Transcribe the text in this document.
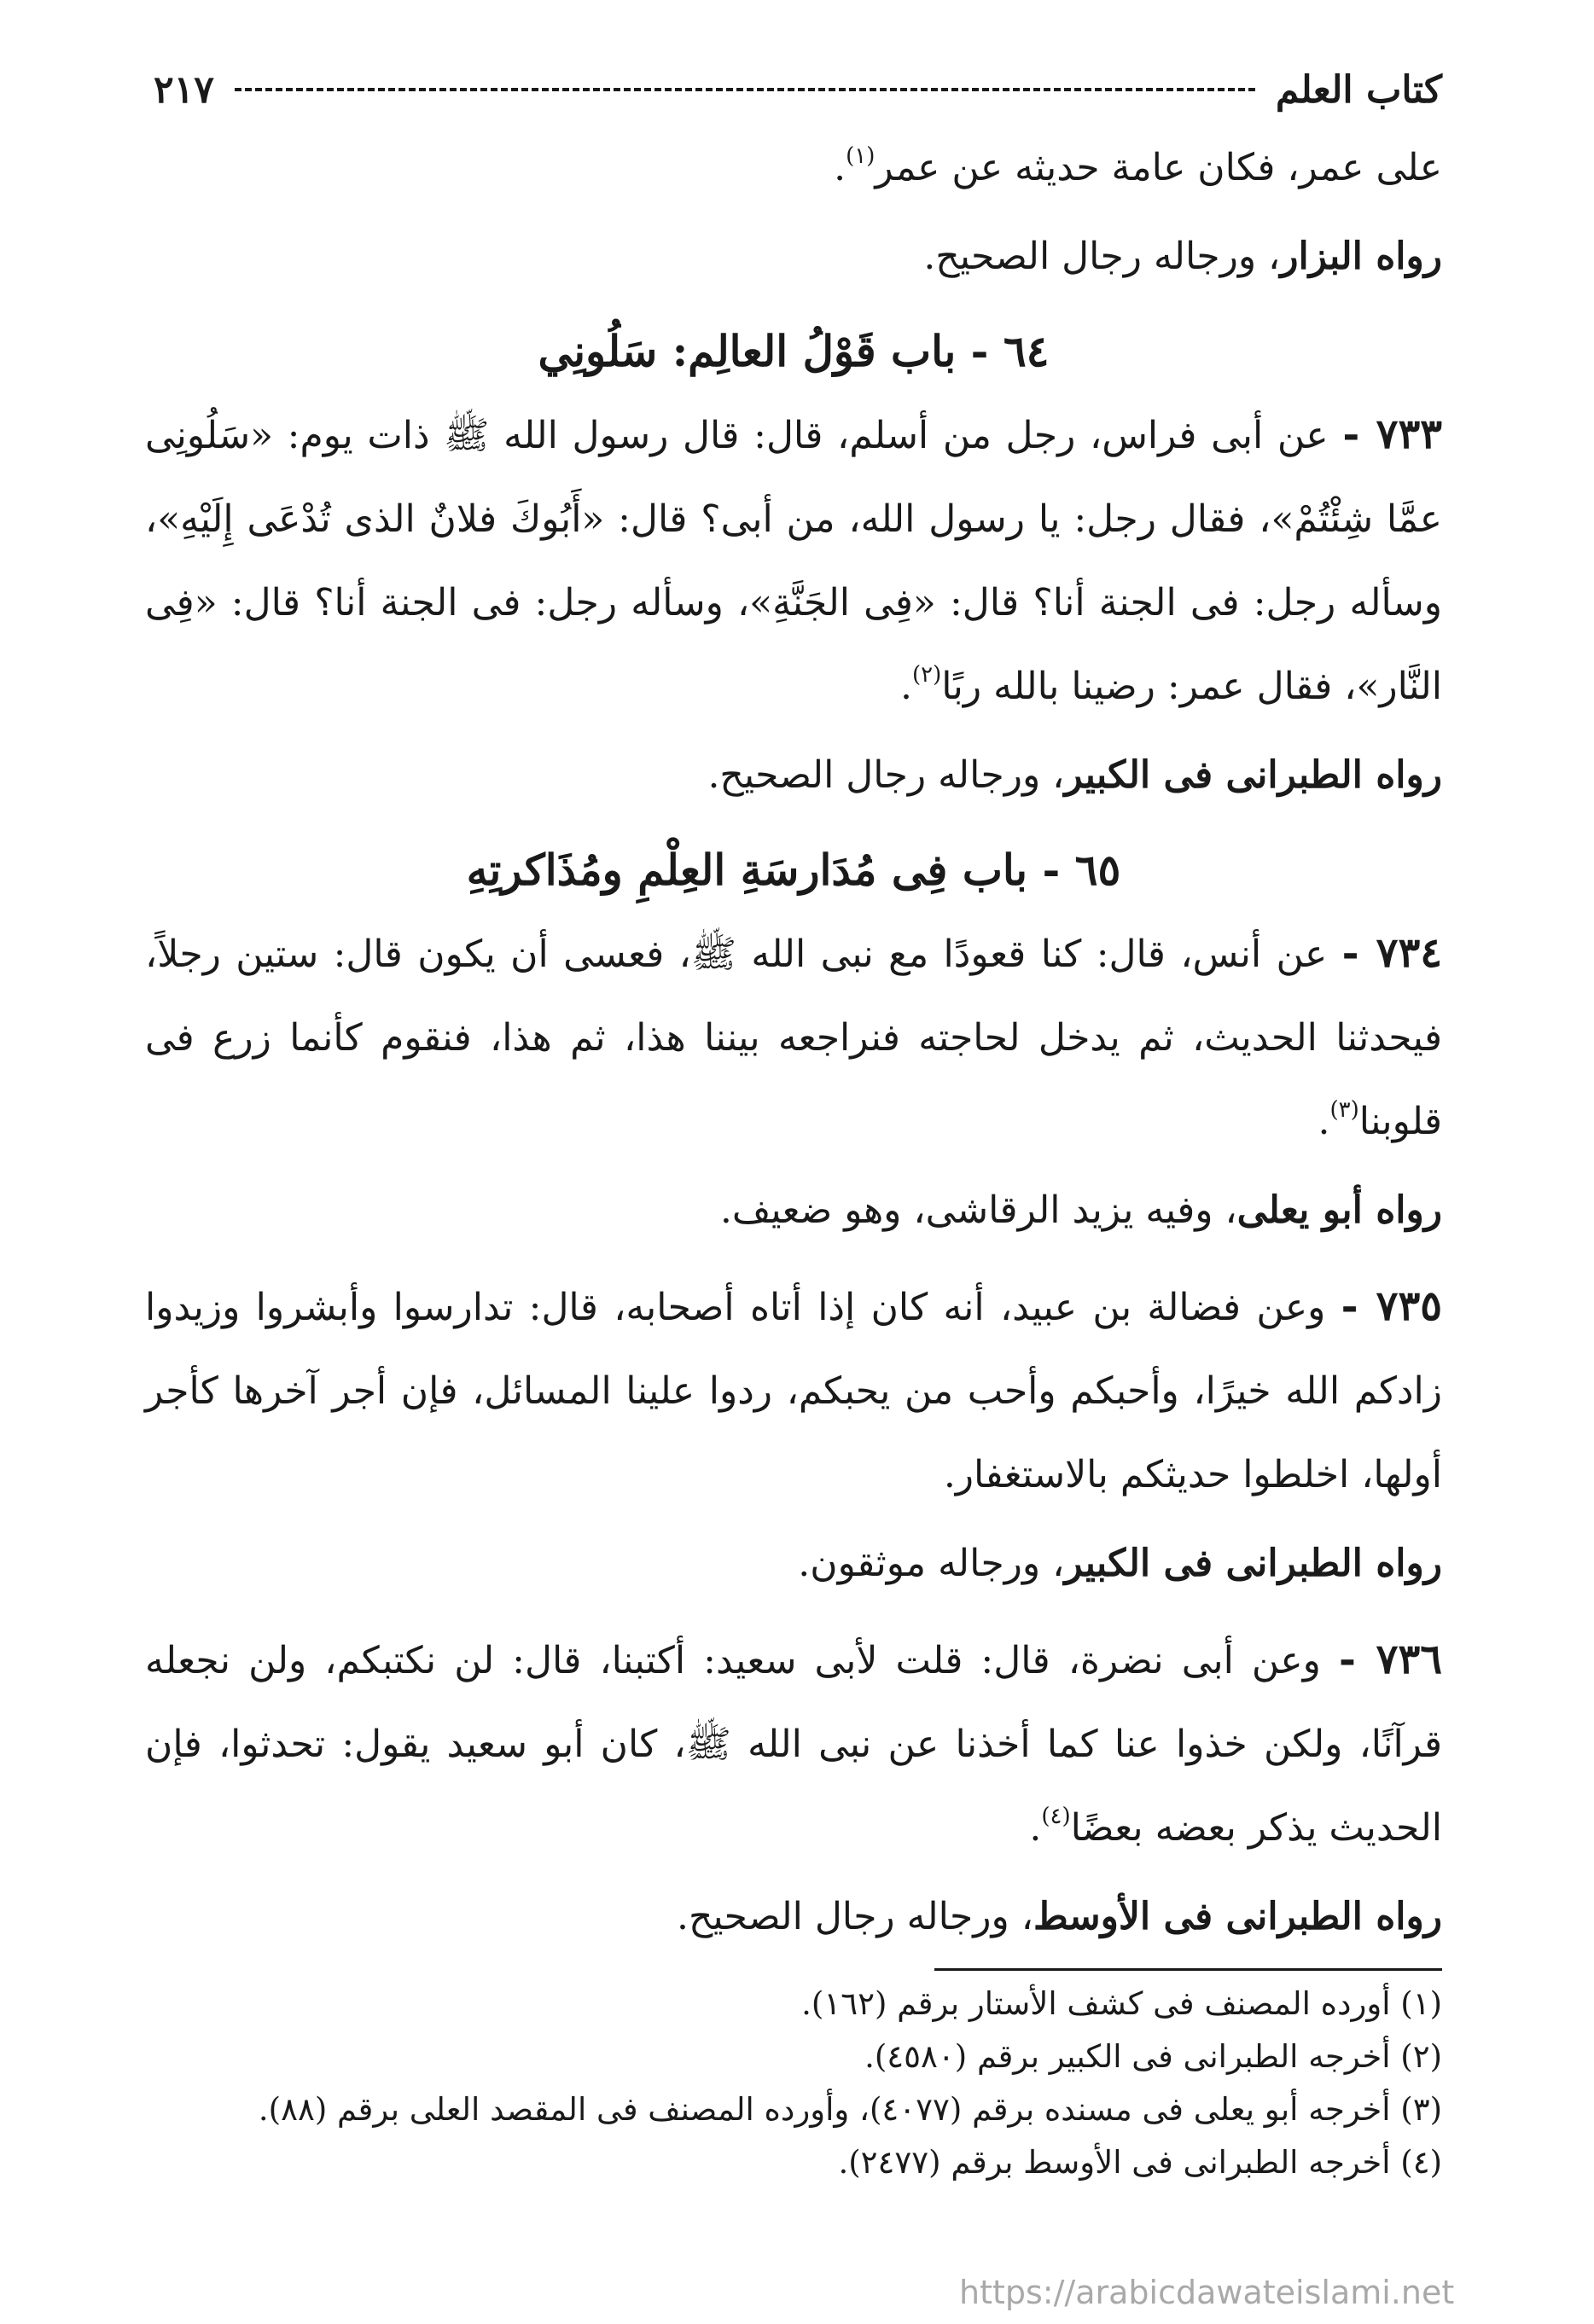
كتاب العلم
٢١٧

على عمر، فكان عامة حديثه عن عمر$^{(١)}$.

رواه البزار، ورجاله رجال الصحيح.

٦٤ - باب قَوْلُ العالِم: سَلُونِي

٧٣٣ - عن أبى فراس، رجل من أسلم، قال: قال رسول الله ﷺ ذات يوم: «سَلُونِى عمَّا شِئْتُمْ»، فقال رجل: يا رسول الله، من أبى؟ قال: «أَبُوكَ فلانٌ الذى تُدْعَى إِلَيْهِ»، وسأله رجل: فى الجنة أنا؟ قال: «فِى الجَنَّةِ»، وسأله رجل: فى الجنة أنا؟ قال: «فِى النَّار»، فقال عمر: رضينا بالله ربًا$^{(٢)}$.

رواه الطبرانى فى الكبير، ورجاله رجال الصحيح.

٦٥ - باب فِى مُدَارسَةِ العِلْمِ ومُذَاكرتِهِ

٧٣٤ - عن أنس، قال: كنا قعودًا مع نبى الله ﷺ، فعسى أن يكون قال: ستين رجلاً، فيحدثنا الحديث، ثم يدخل لحاجته فنراجعه بيننا هذا، ثم هذا، فنقوم كأنما زرع فى قلوبنا$^{(٣)}$.

رواه أبو يعلى، وفيه يزيد الرقاشى، وهو ضعيف.

٧٣٥ - وعن فضالة بن عبيد، أنه كان إذا أتاه أصحابه، قال: تدارسوا وأبشروا وزيدوا زادكم الله خيرًا، وأحبكم وأحب من يحبكم، ردوا علينا المسائل، فإن أجر آخرها كأجر أولها، اخلطوا حديثكم بالاستغفار.

رواه الطبرانى فى الكبير، ورجاله موثقون.

٧٣٦ - وعن أبى نضرة، قال: قلت لأبى سعيد: أكتبنا، قال: لن نكتبكم، ولن نجعله قرآنًا، ولكن خذوا عنا كما أخذنا عن نبى الله ﷺ، كان أبو سعيد يقول: تحدثوا، فإن الحديث يذكر بعضه بعضًا$^{(٤)}$.

رواه الطبرانى فى الأوسط، ورجاله رجال الصحيح.

(١) أورده المصنف فى كشف الأستار برقم (١٦٢).

(٢) أخرجه الطبرانى فى الكبير برقم (٤٥٨٠).

(٣) أخرجه أبو يعلى فى مسنده برقم (٤٠٧٧)، وأورده المصنف فى المقصد العلى برقم (٨٨).

(٤) أخرجه الطبرانى فى الأوسط برقم (٢٤٧٧).

https://arabicdawateislami.net
